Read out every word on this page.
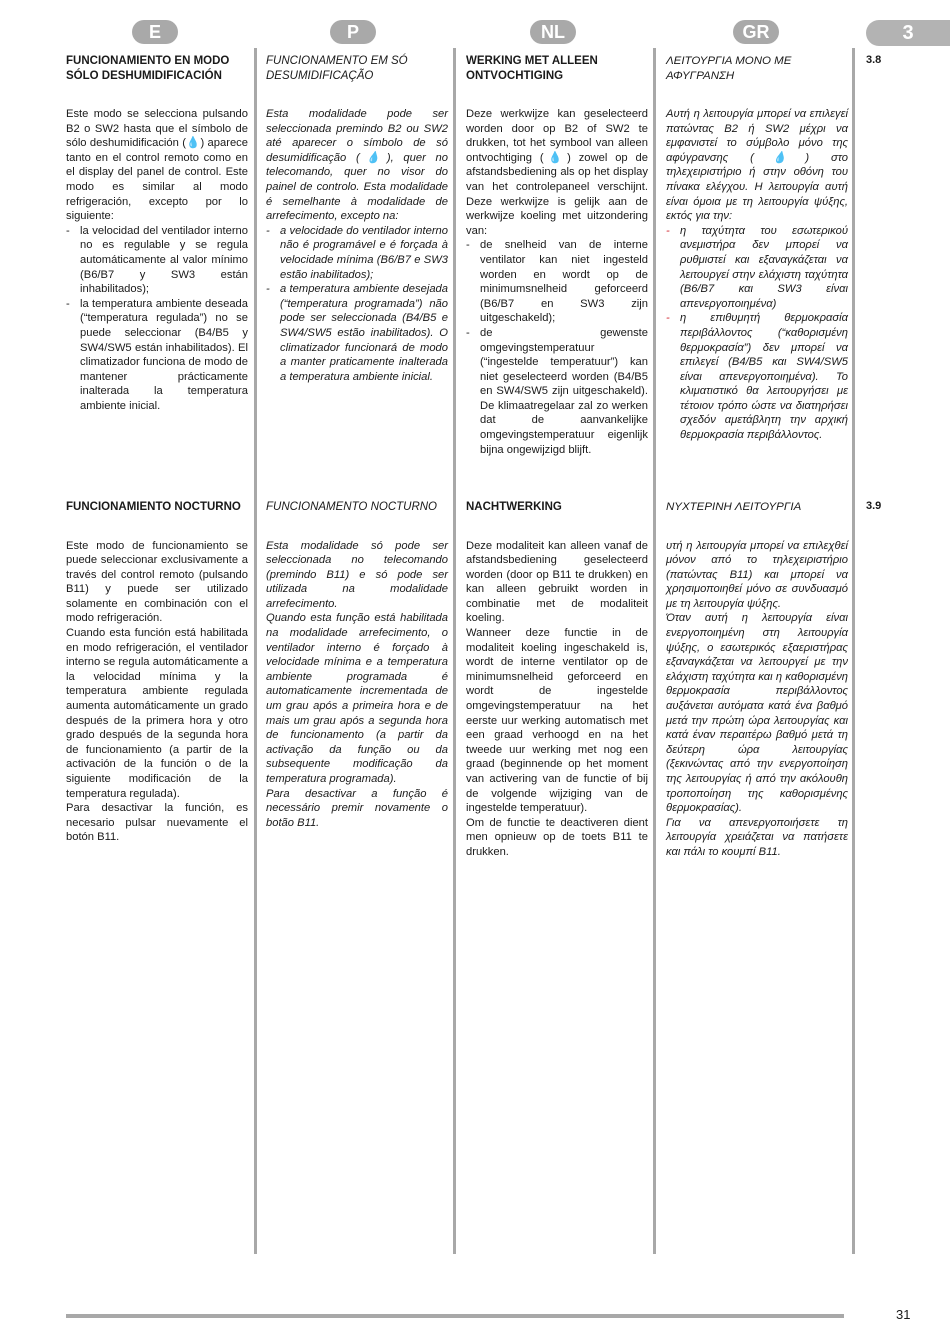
E	P	NL	GR	3
3.8
3.9
FUNCIONAMIENTO EN MODO SÓLO DESHUMIDIFICACIÓN

Este modo se selecciona pulsando B2 o SW2 hasta que el símbolo de sólo deshumidificación (💧) aparece tanto en el control remoto como en el display del panel de control. Este modo es similar al modo refrigeración, excepto por lo siguiente:

- la velocidad del ventilador interno no es regulable y se regula automáticamente al valor mínimo (B6/B7 y SW3 están inhabilitados);
- la temperatura ambiente deseada (“temperatura regulada”) no se puede seleccionar (B4/B5 y SW4/SW5 están inhabilitados). El climatizador funciona de modo de mantener prácticamente inalterada la temperatura ambiente inicial.
FUNCIONAMENTO EM SÓ DESUMIDIFICAÇÃO

Esta modalidade pode ser seleccionada premindo B2 ou SW2 até aparecer o símbolo de só desumidificação (💧), quer no telecomando, quer no visor do painel de controlo. Esta modalidade é semelhante à modalidade de arrefecimento, excepto na:

- a velocidade do ventilador interno não é programável e é forçada à velocidade mínima (B6/B7 e SW3 estão inabilitados);
- a temperatura ambiente desejada (“temperatura programada”) não pode ser seleccionada (B4/B5 e SW4/SW5 estão inabilitados). O climatizador funcionará de modo a manter praticamente inalterada a temperatura ambiente inicial.
WERKING MET ALLEEN ONTVOCHTIGING

Deze werkwijze kan geselecteerd worden door op B2 of SW2 te drukken, tot het symbool van alleen ontvochtiging (💧) zowel op de afstandsbediening als op het display van het controlepaneel verschijnt. Deze werkwijze is gelijk aan de werkwijze koeling met uitzondering van:

- de snelheid van de interne ventilator kan niet ingesteld worden en wordt op de minimumsnelheid geforceerd (B6/B7 en SW3 zijn uitgeschakeld);
- de gewenste omgevingstemperatuur (“ingestelde temperatuur”) kan niet geselecteerd worden (B4/B5 en SW4/SW5 zijn uitgeschakeld). De klimaatregelaar zal zo werken dat de aanvankelijke omgevingstemperatuur eigenlijk bijna ongewijzigd blijft.
ΛΕΙΤΟΥΡΓΙΑ ΜΟΝΟ ΜΕ ΑΦΥΓΡΑΝΣΗ

Αυτή η λειτουργία μπορεί να επιλεγεί πατώντας B2 ή SW2 μέχρι να εμφανιστεί το σύμβολο μόνο της αφύγρανσης (💧) στο τηλεχειριστήριο ή στην οθόνη του πίνακα ελέγχου. Η λειτουργία αυτή είναι όμοια με τη λειτουργία ψύξης, εκτός για την:

- η ταχύτητα του εσωτερικού ανεμιστήρα δεν μπορεί να ρυθμιστεί και εξαναγκάζεται να λειτουργεί στην ελάχιστη ταχύτητα (B6/B7 και SW3 είναι απενεργοποιημένα)
- η επιθυμητή θερμοκρασία περιβάλλοντος (“καθορισμένη θερμοκρασία”) δεν μπορεί να επιλεγεί (B4/B5 και SW4/SW5 είναι απενεργοποιημένα). Το κλιματιστικό θα λειτουργήσει με τέτοιον τρόπο ώστε να διατηρήσει σχεδόν αμετάβλητη την αρχική θερμοκρασία περιβάλλοντος.
FUNCIONAMIENTO NOCTURNO

Este modo de funcionamiento se puede seleccionar exclusivamente a través del control remoto (pulsando B11) y puede ser utilizado solamente en combinación con el modo refrigeración.

Cuando esta función está habilitada en modo refrigeración, el ventilador interno se regula automáticamente a la velocidad mínima y la temperatura ambiente regulada aumenta automáticamente un grado después de la primera hora y otro grado después de la segunda hora de funcionamiento (a partir de la activación de la función o de la siguiente modificación de la temperatura regulada).

Para desactivar la función, es necesario pulsar nuevamente el botón B11.

FUNCIONAMENTO NOCTURNO

Esta modalidade só pode ser seleccionada no telecomando (premindo B11) e só pode ser utilizada na modalidade arrefecimento.

Quando esta função está habilitada na modalidade arrefecimento, o ventilador interno é forçado à velocidade mínima e a temperatura ambiente programada é automaticamente incrementada de um grau após a primeira hora e de mais um grau após a segunda hora de funcionamento (a partir da activação da função ou da subsequente modificação da temperatura programada).

Para desactivar a função é necessário premir novamente o botão B11.

NACHTWERKING

Deze modaliteit kan alleen vanaf de afstandsbediening geselecteerd worden (door op B11 te drukken) en kan alleen gebruikt worden in combinatie met de modaliteit koeling.

Wanneer deze functie in de modaliteit koeling ingeschakeld is, wordt de interne ventilator op de minimumsnelheid geforceerd en wordt de ingestelde omgevingstemperatuur na het eerste uur werking automatisch met een graad verhoogd en na het tweede uur werking met nog een graad (beginnende op het moment van activering van de functie of bij de volgende wijziging van de ingestelde temperatuur).

Om de functie te deactiveren dient men opnieuw op de toets B11 te drukken.

ΝΥΧΤΕΡΙΝΗ ΛΕΙΤΟΥΡΓΙΑ

υτή η λειτουργία μπορεί να επιλεχθεί μόνον από το τηλεχειριστήριο (πατώντας B11) και μπορεί να χρησιμοποιηθεί μόνο σε συνδυασμό με τη λειτουργία ψύξης.

Όταν αυτή η λειτουργία είναι ενεργοποιημένη στη λειτουργία ψύξης, ο εσωτερικός εξαεριστήρας εξαναγκάζεται να λειτουργεί με την ελάχιστη ταχύτητα και η καθορισμένη θερμοκρασία περιβάλλοντος αυξάνεται αυτόματα κατά ένα βαθμό μετά την πρώτη ώρα λειτουργίας και κατά έναν περαιτέρω βαθμό μετά τη δεύτερη ώρα λειτουργίας (ξεκινώντας από την ενεργοποίηση της λειτουργίας ή από την ακόλουθη τροποποίηση της καθορισμένης θερμοκρασίας).

Για να απενεργοποιήσετε τη λειτουργία χρειάζεται να πατήσετε και πάλι το κουμπί B11.

31
